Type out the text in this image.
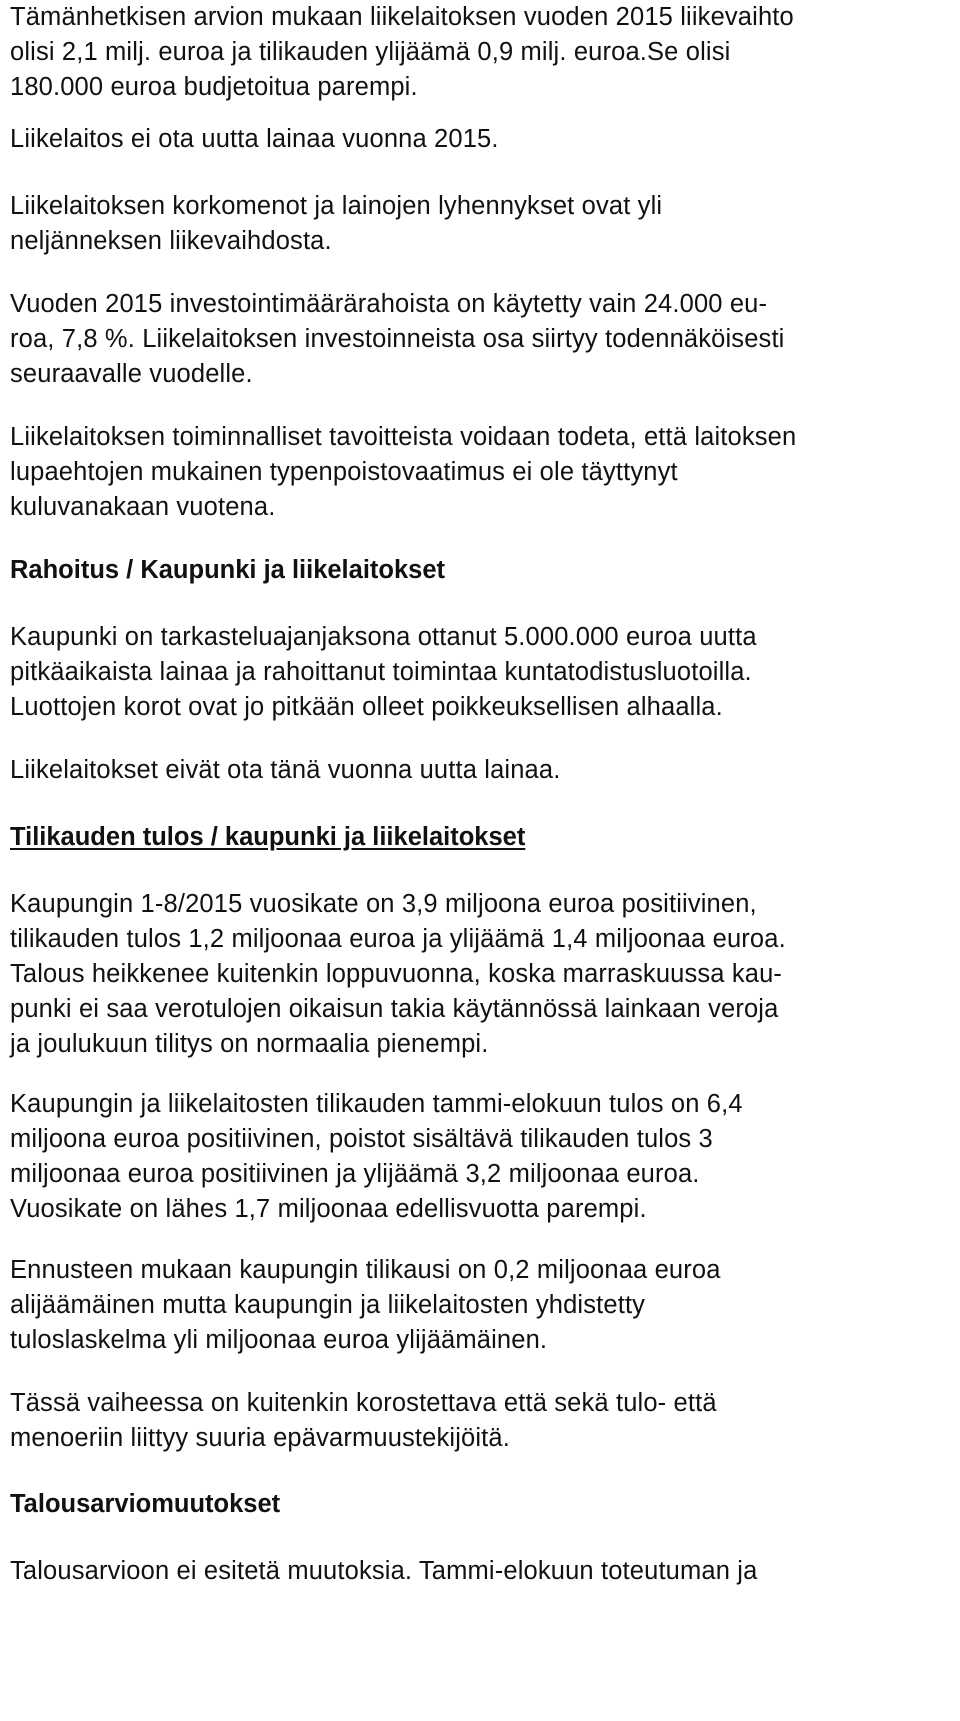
Tämänhetkisen arvion mukaan liikelaitoksen vuoden 2015 liikevaihto
olisi 2,1 milj. euroa ja tilikauden ylijäämä 0,9 milj. euroa.Se olisi
180.000 euroa budjetoitua parempi.
Liikelaitos ei ota uutta lainaa vuonna 2015.
Liikelaitoksen korkomenot ja lainojen lyhennykset ovat yli
neljänneksen liikevaihdosta.
Vuoden 2015 investointimäärärahoista on käytetty vain 24.000 eu-
roa, 7,8 %. Liikelaitoksen investoinneista osa siirtyy todennäköisesti
seuraavalle vuodelle.
Liikelaitoksen toiminnalliset tavoitteista voidaan todeta, että laitoksen
lupaehtojen mukainen typenpoistovaatimus ei ole täyttynyt
kuluvanakaan vuotena.
Rahoitus / Kaupunki ja liikelaitokset
Kaupunki on tarkasteluajanjaksona ottanut 5.000.000 euroa uutta
pitkäaikaista lainaa ja rahoittanut toimintaa kuntatodistusluotoilla.
Luottojen korot ovat jo pitkään olleet poikkeuksellisen alhaalla.
Liikelaitokset eivät ota tänä vuonna uutta lainaa.
Tilikauden tulos / kaupunki ja liikelaitokset
Kaupungin 1-8/2015 vuosikate on 3,9 miljoona euroa positiivinen,
tilikauden tulos 1,2 miljoonaa euroa ja ylijäämä 1,4 miljoonaa euroa.
Talous heikkenee kuitenkin loppuvuonna, koska marraskuussa kau-
punki ei saa verotulojen oikaisun takia käytännössä lainkaan veroja
ja joulukuun tilitys on normaalia pienempi.
Kaupungin ja liikelaitosten tilikauden tammi-elokuun tulos on 6,4
miljoona euroa positiivinen, poistot sisältävä tilikauden tulos 3
miljoonaa euroa positiivinen ja ylijäämä 3,2 miljoonaa euroa.
Vuosikate on lähes 1,7 miljoonaa edellisvuotta parempi.
Ennusteen mukaan kaupungin tilikausi on 0,2 miljoonaa euroa
alijäämäinen mutta kaupungin ja liikelaitosten yhdistetty
tuloslaskelma yli miljoonaa euroa ylijäämäinen.
Tässä vaiheessa on kuitenkin korostettava että sekä tulo- että
menoeriin liittyy suuria epävarmuustekijöitä.
Talousarviomuutokset
Talousarvioon ei esitetä muutoksia. Tammi-elokuun toteutuman ja
